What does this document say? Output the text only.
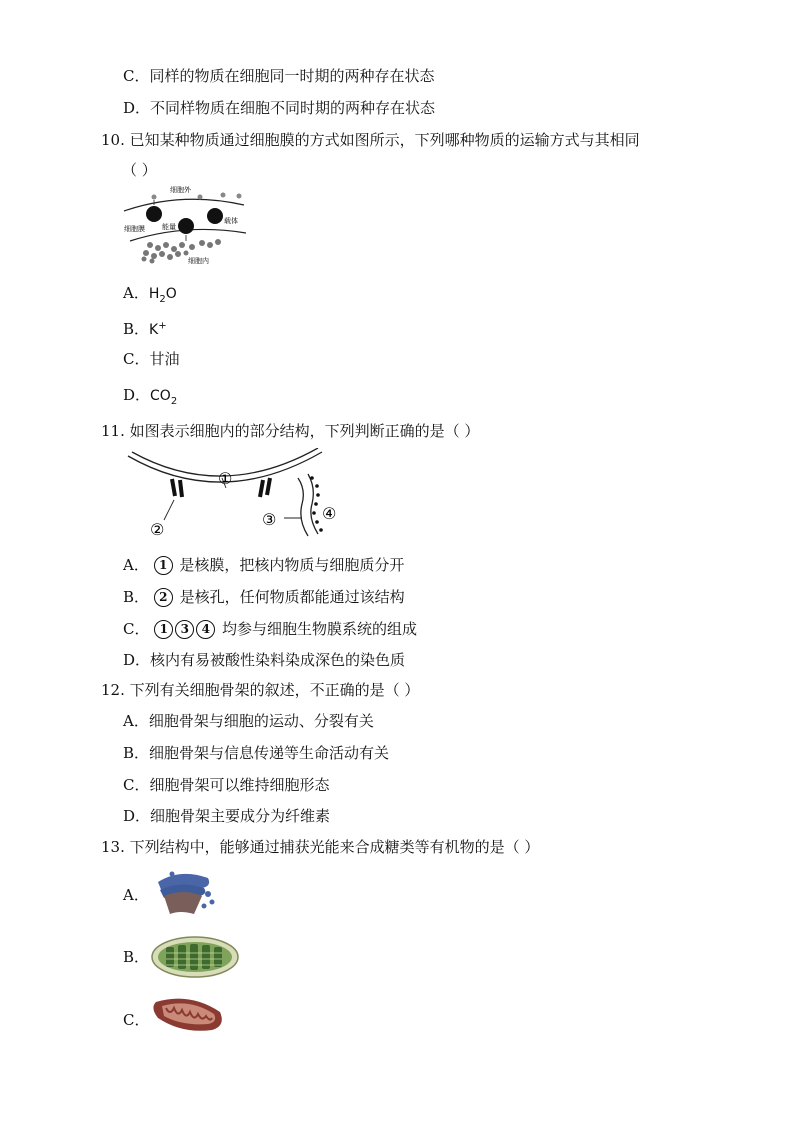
C．同样的物质在细胞同一时期的两种存在状态
D．不同样物质在细胞不同时期的两种存在状态
10. 已知某种物质通过细胞膜的方式如图所示，下列哪种物质的运输方式与其相同
（ ）
细胞外
细胞膜 能量
载体
细胞内
A．$H_2O$
B．K+
C．甘油
D．$CO_2$
11. 如图表示细胞内的部分结构，下列判断正确的是（ ）
①
②
③	④
A． 1 是核膜，把核内物质与细胞质分开
B． 2 是核孔，任何物质都能通过该结构
C． 1 3 4 均参与细胞生物膜系统的组成
D．核内有易被酸性染料染成深色的染色质
12. 下列有关细胞骨架的叙述，不正确的是（ ）
A．细胞骨架与细胞的运动、分裂有关
B．细胞骨架与信息传递等生命活动有关
C．细胞骨架可以维持细胞形态
D．细胞骨架主要成分为纤维素
13. 下列结构中，能够通过捕获光能来合成糖类等有机物的是（ ）
A．
B．
C．
